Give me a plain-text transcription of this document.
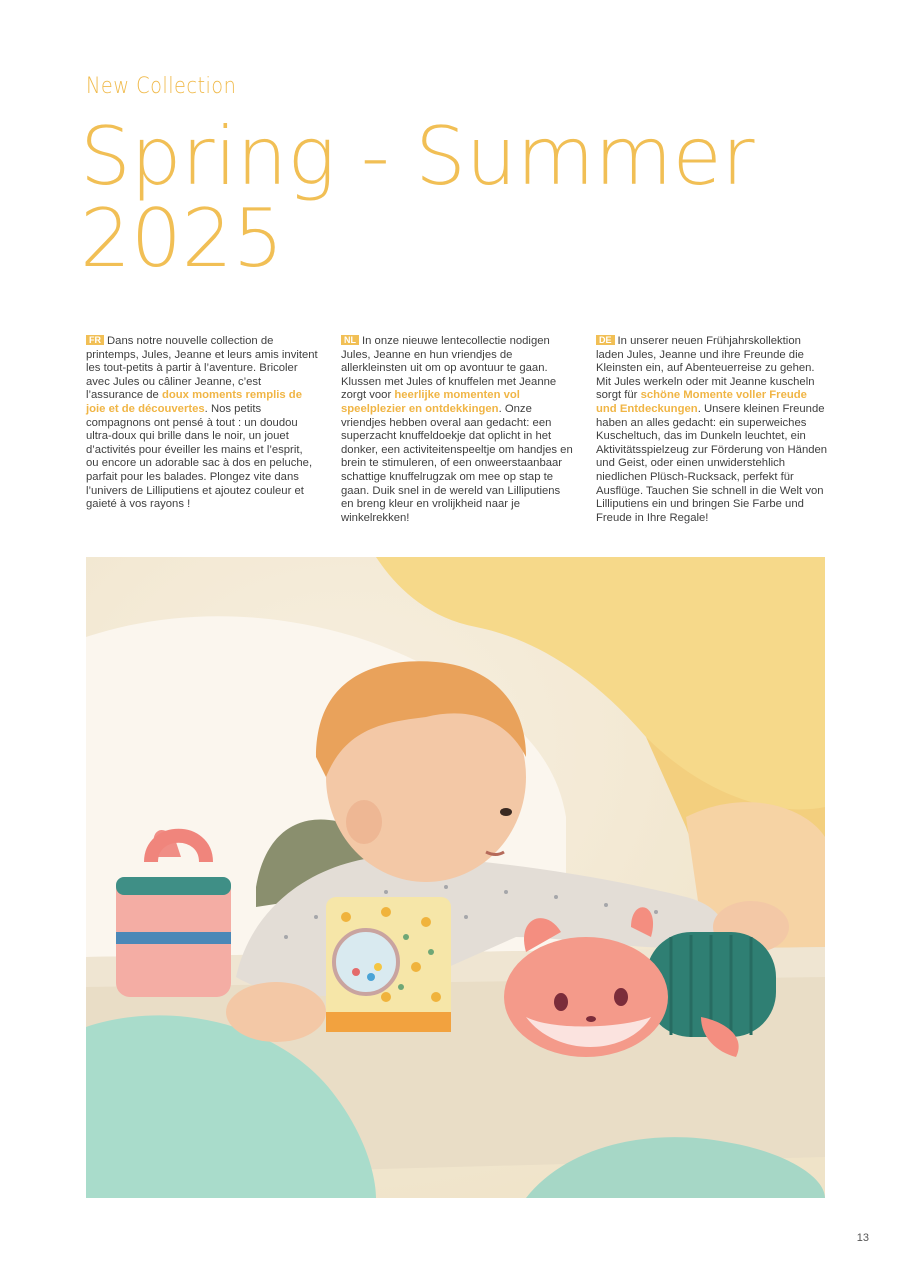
New Collection
Spring - Summer
2025
FR Dans notre nouvelle collection de printemps, Jules, Jeanne et leurs amis invitent les tout-petits à partir à l’aventure. Bricoler avec Jules ou câliner Jeanne, c’est l’assurance de doux moments remplis de joie et de découvertes. Nos petits compagnons ont pensé à tout : un doudou ultra-doux qui brille dans le noir, un jouet d’activités pour éveiller les mains et l’esprit, ou encore un adorable sac à dos en peluche, parfait pour les balades. Plongez vite dans l’univers de Lilliputiens et ajoutez couleur et gaieté à vos rayons !
NL In onze nieuwe lentecollectie nodigen Jules, Jeanne en hun vriendjes de allerkleinsten uit om op avontuur te gaan. Klussen met Jules of knuffelen met Jeanne zorgt voor heerlijke momenten vol speelplezier en ontdekkingen. Onze vriendjes hebben overal aan gedacht: een superzacht knuffeldoekje dat oplicht in het donker, een activiteitenspeeltje om handjes en brein te stimuleren, of een onweerstaanbaar schattige knuffelrugzak om mee op stap te gaan. Duik snel in de wereld van Lilliputiens en breng kleur en vrolijkheid naar je winkelrekken!
DE In unserer neuen Frühjahrskollektion laden Jules, Jeanne und ihre Freunde die Kleinsten ein, auf Abenteuerreise zu gehen. Mit Jules werkeln oder mit Jeanne kuscheln sorgt für schöne Momente voller Freude und Entdeckungen. Unsere kleinen Freunde haben an alles gedacht: ein superweiches Kuscheltuch, das im Dunkeln leuchtet, ein Aktivitätsspielzeug zur Förderung von Händen und Geist, oder einen unwiderstehlich niedlichen Plüsch-Rucksack, perfekt für Ausflüge. Tauchen Sie schnell in die Welt von Lilliputiens ein und bringen Sie Farbe und Freude in Ihre Regale!
13
